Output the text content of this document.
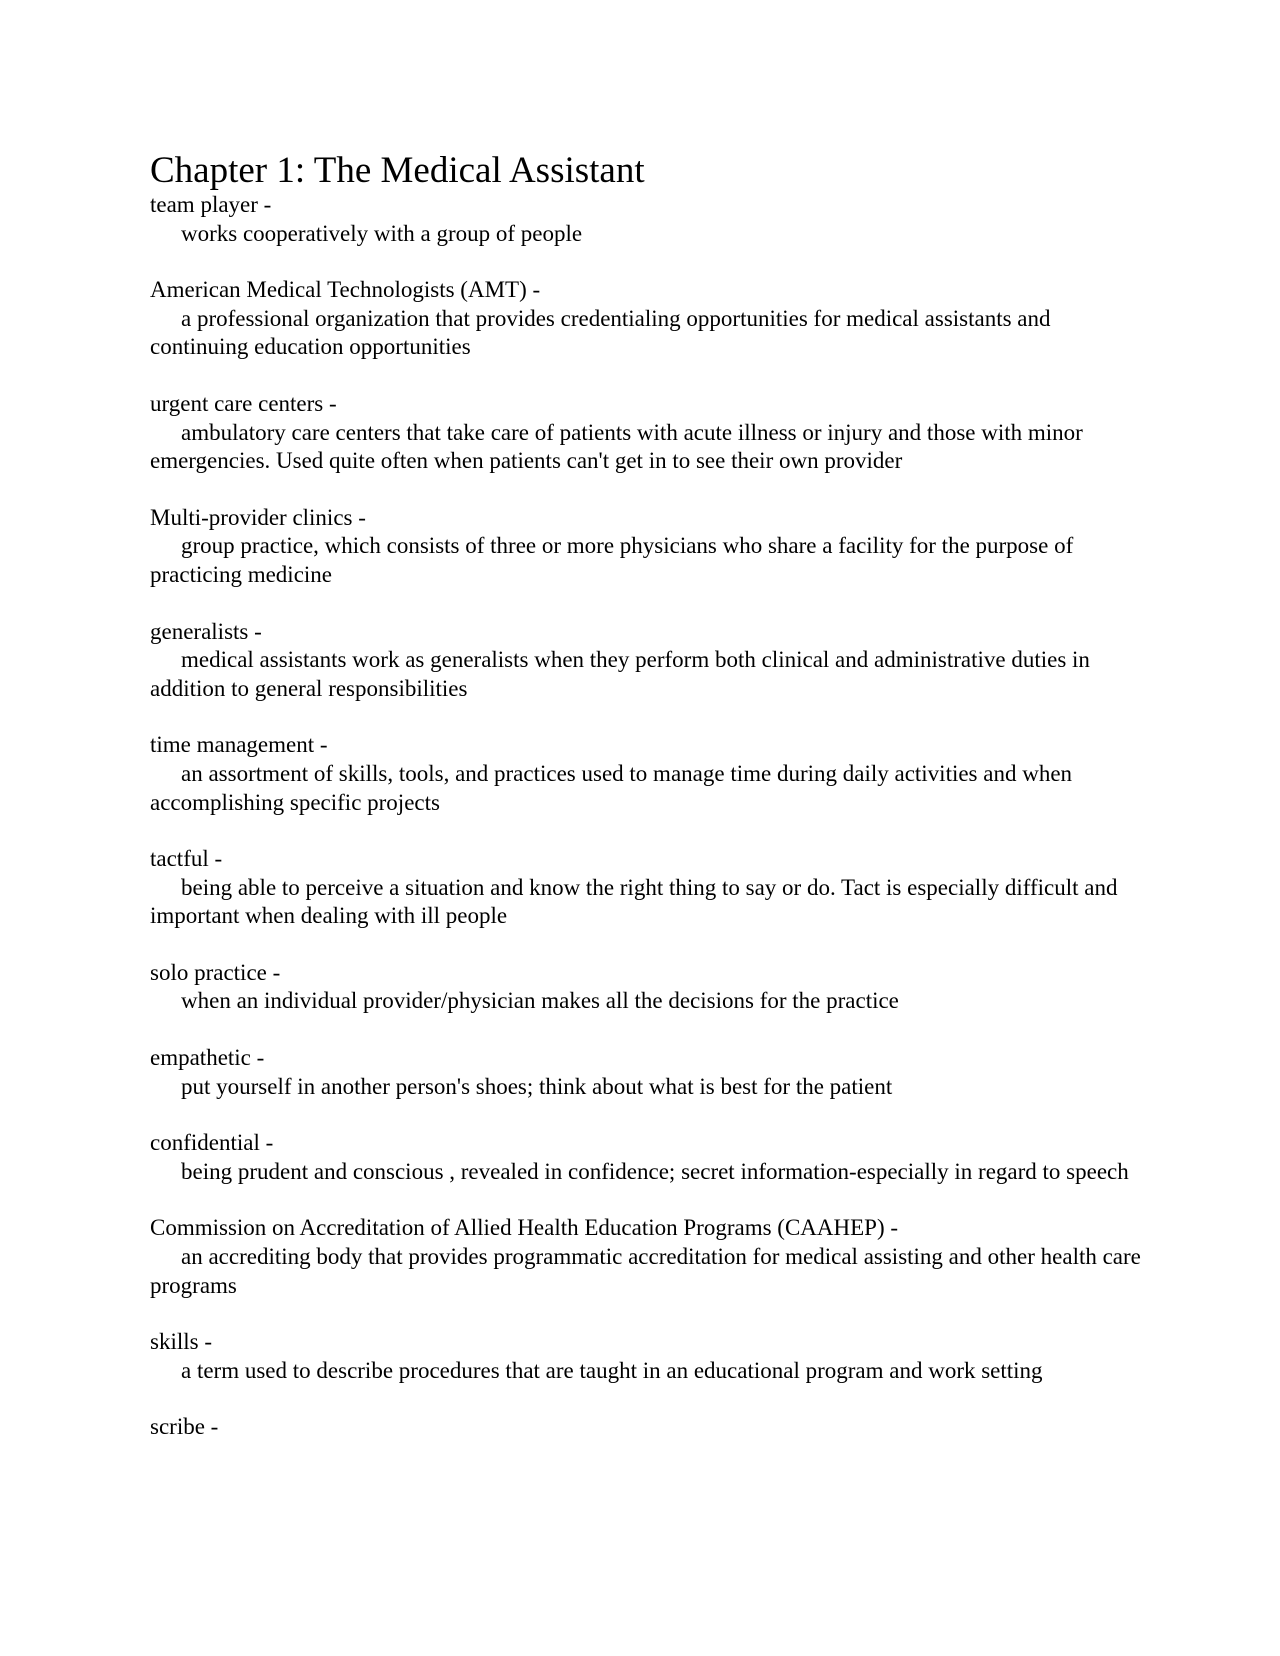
Chapter 1: The Medical Assistant
team player -
works cooperatively with a group of people
American Medical Technologists (AMT) -
a professional organization that provides credentialing opportunities for medical assistants and continuing education opportunities
urgent care centers -
ambulatory care centers that take care of patients with acute illness or injury and those with minor emergencies. Used quite often when patients can't get in to see their own provider
Multi-provider clinics -
group practice, which consists of three or more physicians who share a facility for the purpose of practicing medicine
generalists -
medical assistants work as generalists when they perform both clinical and administrative duties in addition to general responsibilities
time management -
an assortment of skills, tools, and practices used to manage time during daily activities and when accomplishing specific projects
tactful -
being able to perceive a situation and know the right thing to say or do. Tact is especially difficult and important when dealing with ill people
solo practice -
when an individual provider/physician makes all the decisions for the practice
empathetic -
put yourself in another person's shoes; think about what is best for the patient
confidential -
being prudent and conscious , revealed in confidence; secret information-especially in regard to speech
Commission on Accreditation of Allied Health Education Programs (CAAHEP) -
an accrediting body that provides programmatic accreditation for medical assisting and other health care programs
skills -
a term used to describe procedures that are taught in an educational program and work setting
scribe -
